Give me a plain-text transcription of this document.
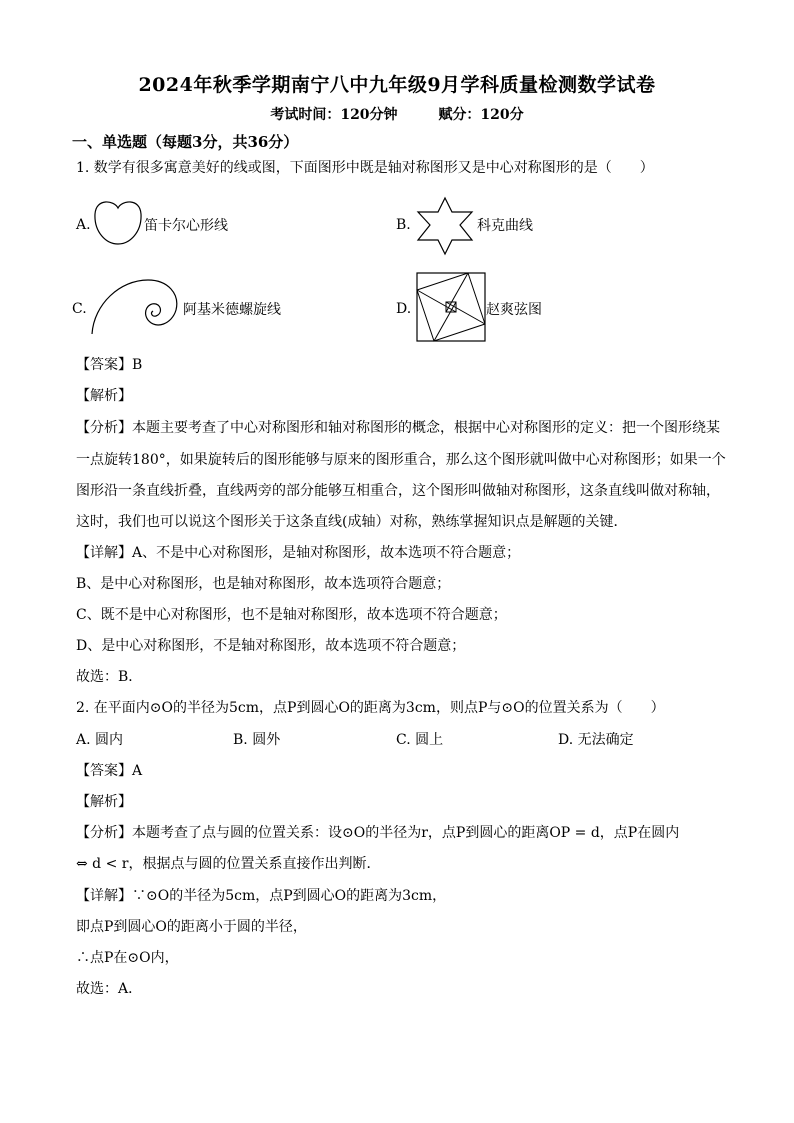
2024年秋季学期南宁八中九年级9月学科质量检测数学试卷
考试时间：120分钟	赋分：120分
一、单选题（每题3分，共36分）
1. 数学有很多寓意美好的线或图，下面图形中既是轴对称图形又是中心对称图形的是（　　）
A.	笛卡尔心形线	B.	科克曲线
C.	阿基米德螺旋线	D.	赵爽弦图
【答案】B
【解析】
【分析】本题主要考查了中心对称图形和轴对称图形的概念，根据中心对称图形的定义：把一个图形绕某
一点旋转180°，如果旋转后的图形能够与原来的图形重合，那么这个图形就叫做中心对称图形；如果一个
图形沿一条直线折叠，直线两旁的部分能够互相重合，这个图形叫做轴对称图形，这条直线叫做对称轴，
这时，我们也可以说这个图形关于这条直线(成轴）对称，熟练掌握知识点是解题的关键．
【详解】A、不是中心对称图形，是轴对称图形，故本选项不符合题意；
B、是中心对称图形，也是轴对称图形，故本选项符合题意；
C、既不是中心对称图形，也不是轴对称图形，故本选项不符合题意；
D、是中心对称图形，不是轴对称图形，故本选项不符合题意；
故选：B．
2. 在平面内⊙O的半径为5cm，点P到圆心O的距离为3cm，则点P与⊙O的位置关系为（　　）
A. 圆内	B. 圆外	C. 圆上	D. 无法确定
【答案】A
【解析】
【分析】本题考查了点与圆的位置关系：设⊙O的半径为r，点P到圆心的距离OP = d，点P在圆内
⇔ d < r，根据点与圆的位置关系直接作出判断．
【详解】∵⊙O的半径为5cm，点P到圆心O的距离为3cm，
即点P到圆心O的距离小于圆的半径，
∴点P在⊙O内，
故选：A．
